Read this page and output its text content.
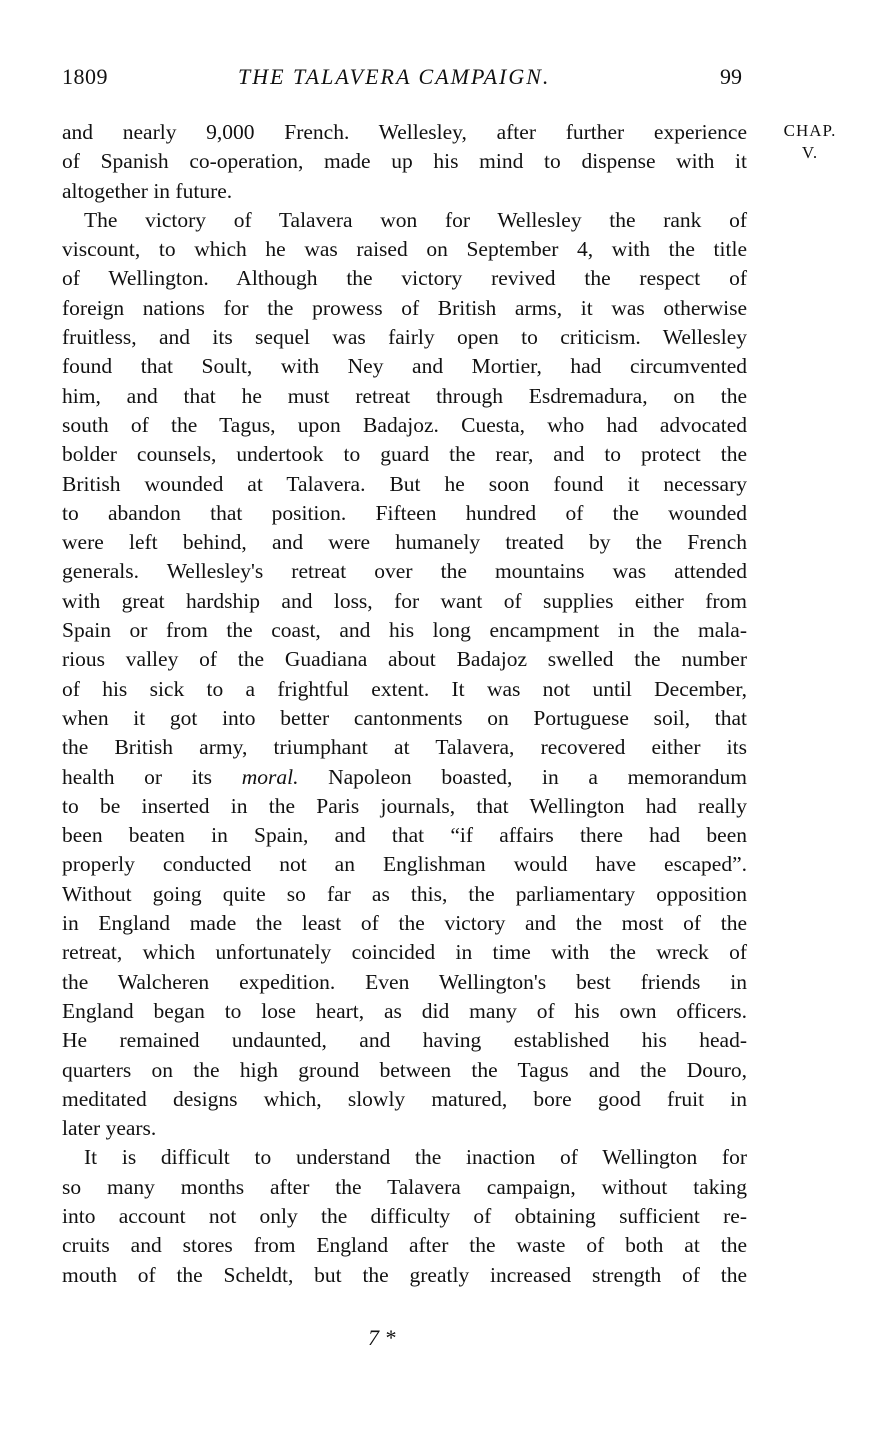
1809	THE TALAVERA CAMPAIGN.	99
CHAP.
V.
and nearly 9,000 French. Wellesley, after further experience
of Spanish co-operation, made up his mind to dispense with it
altogether in future.
The victory of Talavera won for Wellesley the rank of
viscount, to which he was raised on September 4, with the title
of Wellington. Although the victory revived the respect of
foreign nations for the prowess of British arms, it was otherwise
fruitless, and its sequel was fairly open to criticism. Wellesley
found that Soult, with Ney and Mortier, had circumvented
him, and that he must retreat through Esdremadura, on the
south of the Tagus, upon Badajoz. Cuesta, who had advocated
bolder counsels, undertook to guard the rear, and to protect the
British wounded at Talavera. But he soon found it necessary
to abandon that position. Fifteen hundred of the wounded
were left behind, and were humanely treated by the French
generals. Wellesley's retreat over the mountains was attended
with great hardship and loss, for want of supplies either from
Spain or from the coast, and his long encampment in the mala-
rious valley of the Guadiana about Badajoz swelled the number
of his sick to a frightful extent. It was not until December,
when it got into better cantonments on Portuguese soil, that
the British army, triumphant at Talavera, recovered either its
health or its moral. Napoleon boasted, in a memorandum
to be inserted in the Paris journals, that Wellington had really
been beaten in Spain, and that “if affairs there had been
properly conducted not an Englishman would have escaped”.
Without going quite so far as this, the parliamentary opposition
in England made the least of the victory and the most of the
retreat, which unfortunately coincided in time with the wreck of
the Walcheren expedition. Even Wellington's best friends in
England began to lose heart, as did many of his own officers.
He remained undaunted, and having established his head-
quarters on the high ground between the Tagus and the Douro,
meditated designs which, slowly matured, bore good fruit in
later years.
It is difficult to understand the inaction of Wellington for
so many months after the Talavera campaign, without taking
into account not only the difficulty of obtaining sufficient re-
cruits and stores from England after the waste of both at the
mouth of the Scheldt, but the greatly increased strength of the
7 *
